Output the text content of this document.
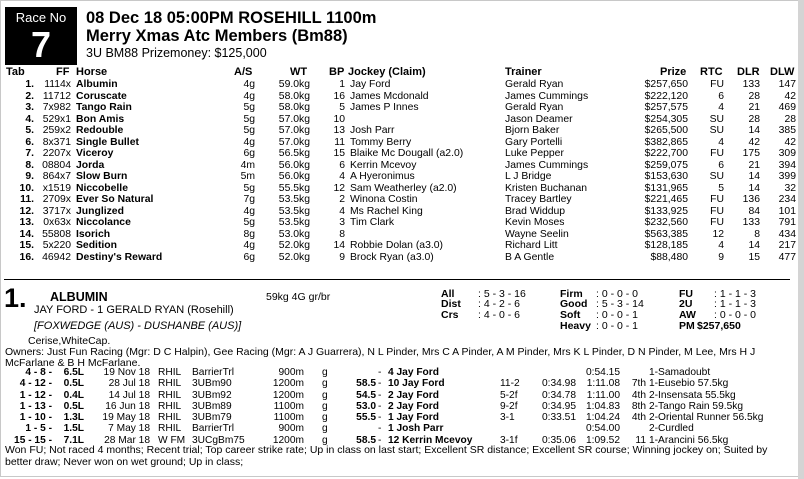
Race No
7
08 Dec 18 05:00PM ROSEHILL 1100m
Merry Xmas Atc Members (Bm88)
3U BM88 Prizemoney: $125,000
Tab	FF Horse	A/S	WT BP Jockey (Claim)	Trainer	Prize RTC DLR DLW
1. 1114x Albumin	4g	59.0kg	1 Jay Ford	Gerald Ryan	$257,650	FU	133	147
2. 11712 Coruscate	4g	58.0kg	16 James Mcdonald	James Cummings	$222,120	6	28	42
3. 7x982 Tango Rain	5g	58.0kg	5 James P Innes	Gerald Ryan	$257,575	4	21	469
4. 529x1 Bon Amis	5g	57.0kg	10	Jason Deamer	$254,305	SU	28	28
5. 259x2 Redouble	5g	57.0kg	13 Josh Parr	Bjorn Baker	$265,500	SU	14	385
6. 8x371 Single Bullet	4g	57.0kg	11 Tommy Berry	Gary Portelli	$382,865	4	42	42
7. 2207x Viceroy	6g	56.5kg	15 Blaike Mc Dougall (a2.0)	Luke Pepper	$222,700	FU	175	309
8. 08804 Jorda	4m	56.0kg	6 Kerrin Mcevoy	James Cummings	$259,075	6	21	394
9. 864x7 Slow Burn	5m	56.0kg	4 A Hyeronimus	L J Bridge	$153,630	SU	14	399
10. x1519 Niccobelle	5g	55.5kg	12 Sam Weatherley (a2.0)	Kristen Buchanan	$131,965	5	14	32
11. 2709x Ever So Natural	7g	53.5kg	2 Winona Costin	Tracey Bartley	$221,465	FU	136	234
12. 3717x Junglized	4g	53.5kg	4 Ms Rachel King	Brad Widdup	$133,925	FU	84	101
13. 0x63x Niccolance	5g	53.5kg	3 Tim Clark	Kevin Moses	$232,560	FU	133	791
14. 55808 Isorich	8g	53.0kg	8	Wayne Seelin	$563,385	12	8	434
15. 5x220 Sedition	4g	52.0kg	14 Robbie Dolan (a3.0)	Richard Litt	$128,185	4	14	217
16. 46942 Destiny's Reward	6g	52.0kg	9 Brock Ryan (a3.0)	B A Gentle	$88,480	9	15	477
1. ALBUMIN
JAY FORD - 1 GERALD RYAN (Rosehill)
59kg 4G gr/br
[FOXWEDGE (AUS) - DUSHANBE (AUS)]
All : 5 - 3 - 16
Dist : 4 - 2 - 6
Crs : 4 - 0 - 6
Firm : 0 - 0 - 0
Good : 5 - 3 - 14
Soft : 0 - 0 - 1
Heavy : 0 - 0 - 1
FU : 1 - 1 - 3
2U : 1 - 1 - 3
AW : 0 - 0 - 0
PM $257,650
Cerise,WhiteCap.
Owners: Just Fun Racing (Mgr: D C Halpin), Gee Racing (Mgr: A J Guarrera), N L Pinder, Mrs C A Pinder, A M Pinder, Mrs K L Pinder, D N Pinder, M Lee, Mrs H J McFarlane & B H McFarlane.
4 - 8 -	6.5L	19 Nov 18 RHIL	BarrierTrl	900m g	- 4 Jay Ford	0:54.15	1-Samadoubt
4 - 12 -	0.5L	28 Jul 18 RHIL	3UBm90	1200m g	58.5 - 10 Jay Ford	11-2	0:34.98	1:11.08	7th 1-Eusebio 57.5kg
1 - 12 -	0.4L	14 Jul 18 RHIL	3UBm92	1200m g	54.5 - 2 Jay Ford	5-2f	0:34.78	1:11.00	4th 2-Insensata 55.5kg
1 - 13 -	0.5L	16 Jun 18 RHIL	3UBm89	1100m g	53.0 - 2 Jay Ford	9-2f	0:34.95 1:04.83	8th 2-Tango Rain 59.5kg
1 - 10 -	1.3L	19 May 18 RHIL	3UBm79	1100m g	55.5 - 1 Jay Ford	3-1	0:33.51 1:04.24	4th 2-Oriental Runner 56.5kg
1 - 5 -	1.5L	7 May 18 RHIL	BarrierTrl	900m g	- 1 Josh Parr	0:54.00	2-Curdled
15 - 15 -	7.1L	28 Mar 18 W FM 3UCgBm75	1200m g	58.5 - 12 Kerrin Mcevoy	3-1f	0:35.06 1:09.52	11 1-Arancini 56.5kg
Won FU; Not raced 4 months; Recent trial; Top career strike rate; Up in class on last start; Excellent SR distance; Excellent SR course; Winning jockey on; Suited by better draw; Never won on wet ground; Up in class;
